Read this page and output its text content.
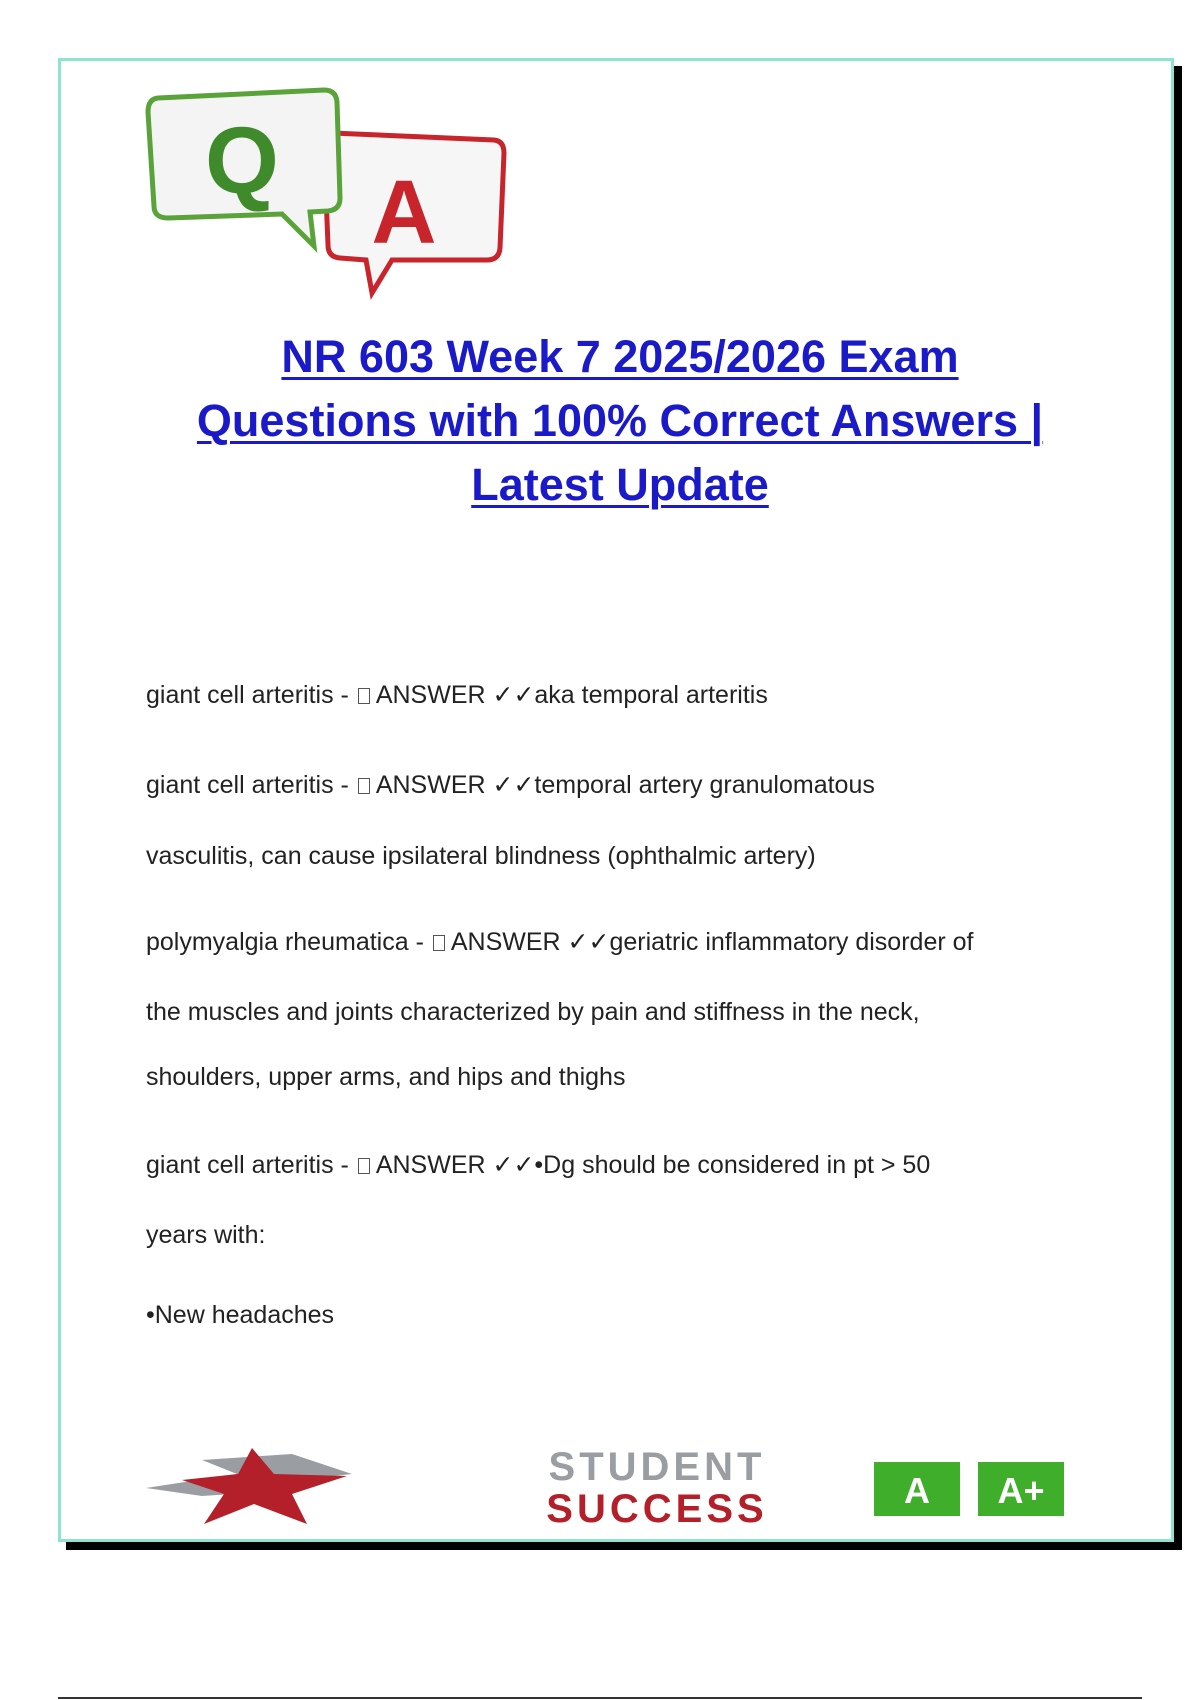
A
Q
NR 603 Week 7 2025/2026 Exam
Questions with 100% Correct Answers |
Latest Update

giant cell arteritis - ANSWER ✓✓aka temporal arteritis

giant cell arteritis - ANSWER ✓✓temporal artery granulomatous

vasculitis, can cause ipsilateral blindness (ophthalmic artery)

polymyalgia rheumatica - ANSWER ✓✓geriatric inflammatory disorder of

the muscles and joints characterized by pain and stiffness in the neck,

shoulders, upper arms, and hips and thighs

giant cell arteritis - ANSWER ✓✓•Dg should be considered in pt > 50

years with:

•New headaches

STUDENT
SUCCESS	A A+
